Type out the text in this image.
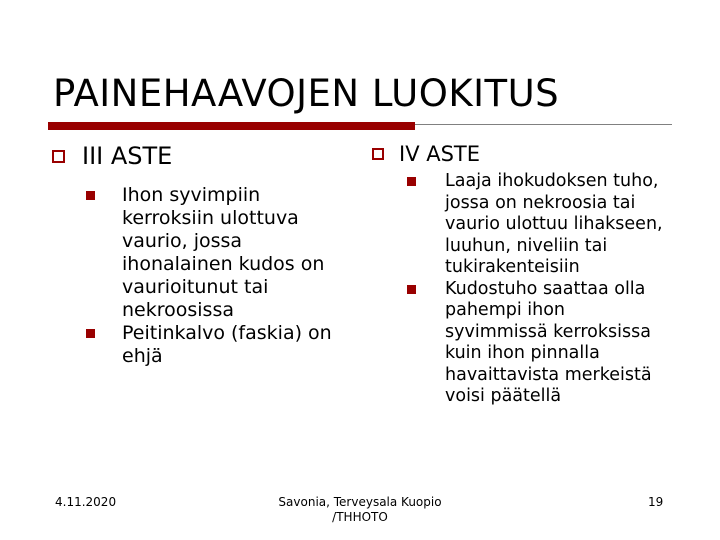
PAINEHAAVOJEN LUOKITUS
III ASTE
Ihon syvimpiin kerroksiin ulottuva vaurio, jossa ihonalainen kudos on vaurioitunut tai nekroosissa
Peitinkalvo (faskia) on ehjä
IV ASTE
Laaja ihokudoksen tuho, jossa on nekroosia tai vaurio ulottuu lihakseen, luuhun, niveliin tai tukirakenteisiin
Kudostuho saattaa olla pahempi ihon syvimmissä kerroksissa kuin ihon pinnalla havaittavista merkeistä voisi päätellä
4.11.2020	Savonia, Terveysala Kuopio
/THHOTO
19
